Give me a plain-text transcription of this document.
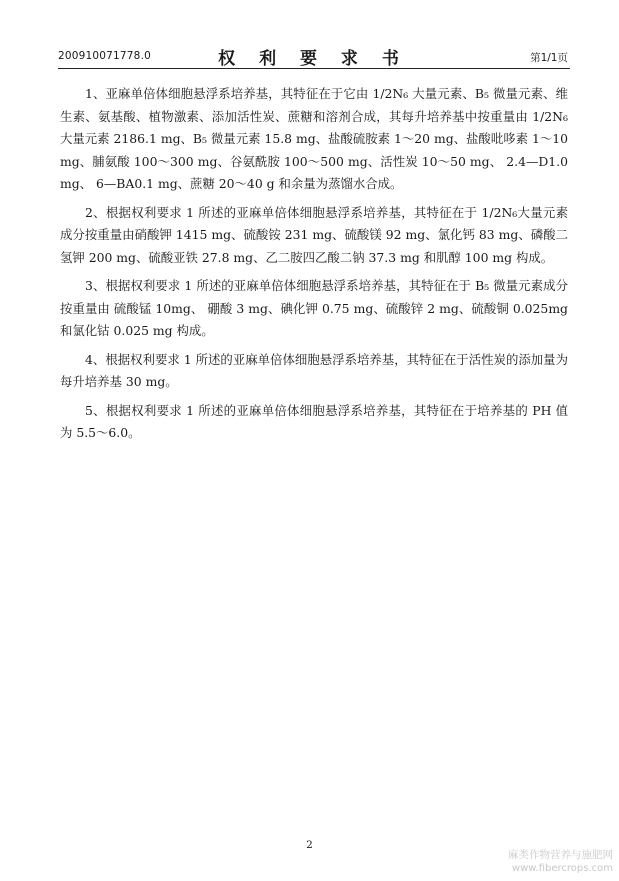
200910071778.0	权 利 要 求 书	第1/1页

1、亚麻单倍体细胞悬浮系培养基，其特征在于它由 1/2N₆ 大量元素、B₅ 微量元素、维生素、氨基酸、植物激素、添加活性炭、蔗糖和溶剂合成，其每升培养基中按重量由 1/2N₆ 大量元素 2186.1 mg、B₅ 微量元素 15.8 mg、盐酸硫胺素 1～20 mg、盐酸吡哆素 1～10 mg、脯氨酸 100～300 mg、谷氨酰胺 100～500 mg、活性炭 10～50 mg、 2.4—D1.0 mg、 6—BA0.1 mg、蔗糖 20～40 g 和余量为蒸馏水合成。

2、根据权利要求 1 所述的亚麻单倍体细胞悬浮系培养基，其特征在于 1/2N₆大量元素成分按重量由硝酸钾 1415 mg、硫酸铵 231 mg、硫酸镁 92 mg、氯化钙 83 mg、磷酸二氢钾 200 mg、硫酸亚铁 27.8 mg、乙二胺四乙酸二钠 37.3 mg 和肌醇 100 mg 构成。

3、根据权利要求 1 所述的亚麻单倍体细胞悬浮系培养基，其特征在于 B₅ 微量元素成分按重量由 硫酸锰 10mg、 硼酸 3 mg、碘化钾 0.75 mg、硫酸锌 2 mg、硫酸铜 0.025mg 和氯化钴 0.025 mg 构成。

4、根据权利要求 1 所述的亚麻单倍体细胞悬浮系培养基，其特征在于活性炭的添加量为每升培养基 30 mg。

5、根据权利要求 1 所述的亚麻单倍体细胞悬浮系培养基，其特征在于培养基的 PH 值为 5.5～6.0。

2
麻类作物营养与施肥网
www.fibercrops.com
